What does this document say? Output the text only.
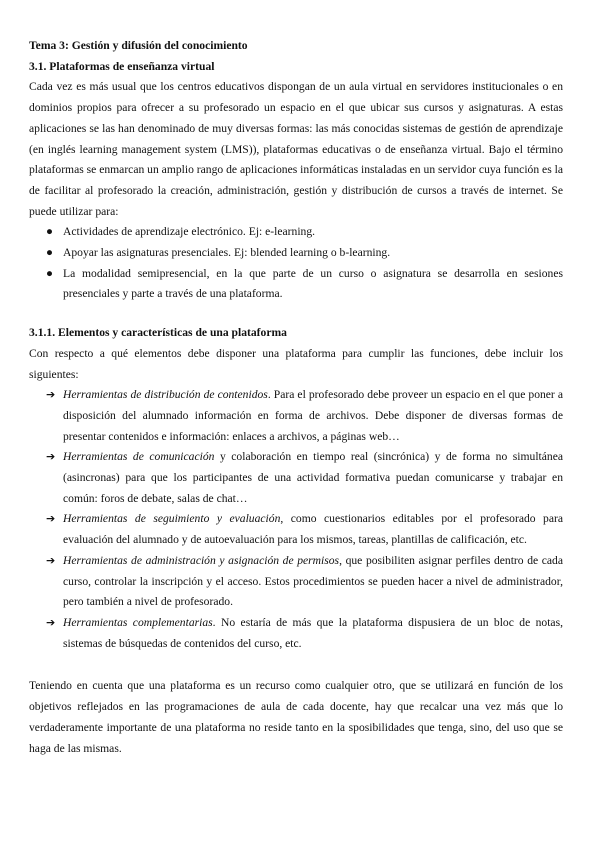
Tema 3: Gestión y difusión del conocimiento

3.1. Plataformas de enseñanza virtual

Cada vez es más usual que los centros educativos dispongan de un aula virtual en servidores institucionales o en dominios propios para ofrecer a su profesorado un espacio en el que ubicar sus cursos y asignaturas. A estas aplicaciones se las han denominado de muy diversas formas: las más conocidas sistemas de gestión de aprendizaje (en inglés learning management system (LMS)), plataformas educativas o de enseñanza virtual. Bajo el término plataformas se enmarcan un amplio rango de aplicaciones informáticas instaladas en un servidor cuya función es la de facilitar al profesorado la creación, administración, gestión y distribución de cursos a través de internet. Se puede utilizar para:

● Actividades de aprendizaje electrónico. Ej: e-learning.
● Apoyar las asignaturas presenciales. Ej: blended learning o b-learning.
● La modalidad semipresencial, en la que parte de un curso o asignatura se desarrolla en sesiones presenciales y parte a través de una plataforma.

3.1.1. Elementos y características de una plataforma

Con respecto a qué elementos debe disponer una plataforma para cumplir las funciones, debe incluir los siguientes:

➔ Herramientas de distribución de contenidos. Para el profesorado debe proveer un espacio en el que poner a disposición del alumnado información en forma de archivos. Debe disponer de diversas formas de presentar contenidos e información: enlaces a archivos, a páginas web…
➔ Herramientas de comunicación y colaboración en tiempo real (sincrónica) y de forma no simultánea (asincronas) para que los participantes de una actividad formativa puedan comunicarse y trabajar en común: foros de debate, salas de chat…
➔ Herramientas de seguimiento y evaluación, como cuestionarios editables por el profesorado para evaluación del alumnado y de autoevaluación para los mismos, tareas, plantillas de calificación, etc.
➔ Herramientas de administración y asignación de permisos, que posibiliten asignar perfiles dentro de cada curso, controlar la inscripción y el acceso. Estos procedimientos se pueden hacer a nivel de administrador, pero también a nivel de profesorado.
➔ Herramientas complementarias. No estaría de más que la plataforma dispusiera de un bloc de notas, sistemas de búsquedas de contenidos del curso, etc.

Teniendo en cuenta que una plataforma es un recurso como cualquier otro, que se utilizará en función de los objetivos reflejados en las programaciones de aula de cada docente, hay que recalcar una vez más que lo verdaderamente importante de una plataforma no reside tanto en la sposibilidades que tenga, sino, del uso que se haga de las mismas.
